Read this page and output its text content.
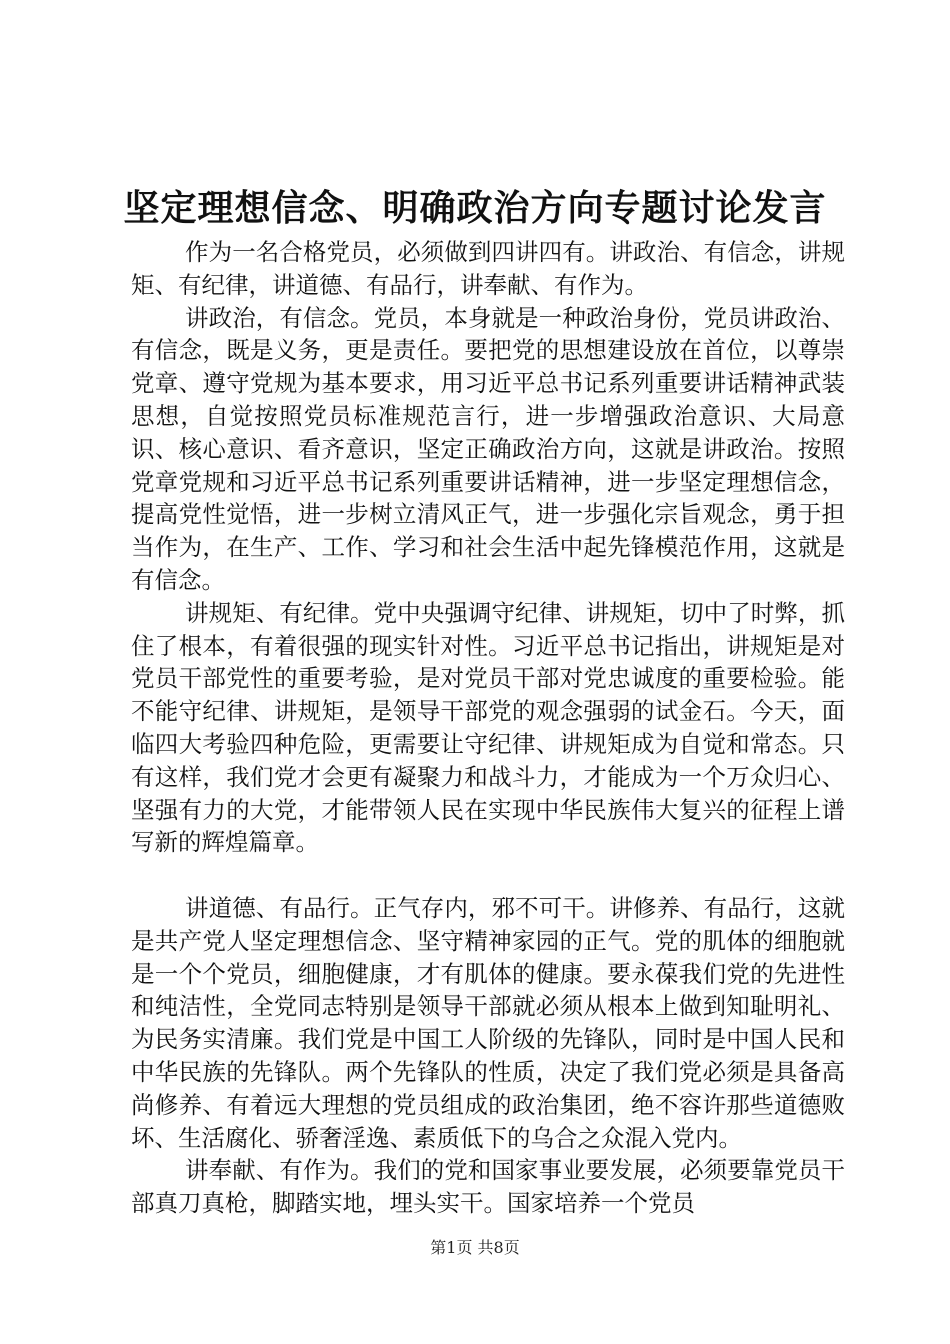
坚定理想信念、明确政治方向专题讨论发言

作为一名合格党员，必须做到四讲四有。讲政治、有信念，讲规矩、有纪律，讲道德、有品行，讲奉献、有作为。

讲政治，有信念。党员，本身就是一种政治身份，党员讲政治、有信念，既是义务，更是责任。要把党的思想建设放在首位，以尊崇党章、遵守党规为基本要求，用习近平总书记系列重要讲话精神武装思想，自觉按照党员标准规范言行，进一步增强政治意识、大局意识、核心意识、看齐意识，坚定正确政治方向，这就是讲政治。按照党章党规和习近平总书记系列重要讲话精神，进一步坚定理想信念，提高党性觉悟，进一步树立清风正气，进一步强化宗旨观念，勇于担当作为，在生产、工作、学习和社会生活中起先锋模范作用，这就是有信念。

讲规矩、有纪律。党中央强调守纪律、讲规矩，切中了时弊，抓住了根本，有着很强的现实针对性。习近平总书记指出，讲规矩是对党员干部党性的重要考验，是对党员干部对党忠诚度的重要检验。能不能守纪律、讲规矩，是领导干部党的观念强弱的试金石。今天，面临四大考验四种危险，更需要让守纪律、讲规矩成为自觉和常态。只有这样，我们党才会更有凝聚力和战斗力，才能成为一个万众归心、坚强有力的大党，才能带领人民在实现中华民族伟大复兴的征程上谱写新的辉煌篇章。

讲道德、有品行。正气存内，邪不可干。讲修养、有品行，这就是共产党人坚定理想信念、坚守精神家园的正气。党的肌体的细胞就是一个个党员，细胞健康，才有肌体的健康。要永葆我们党的先进性和纯洁性，全党同志特别是领导干部就必须从根本上做到知耻明礼、为民务实清廉。我们党是中国工人阶级的先锋队，同时是中国人民和中华民族的先锋队。两个先锋队的性质，决定了我们党必须是具备高尚修养、有着远大理想的党员组成的政治集团，绝不容许那些道德败坏、生活腐化、骄奢淫逸、素质低下的乌合之众混入党内。

讲奉献、有作为。我们的党和国家事业要发展，必须要靠党员干部真刀真枪，脚踏实地，埋头实干。国家培养一个党员

第1页 共8页
